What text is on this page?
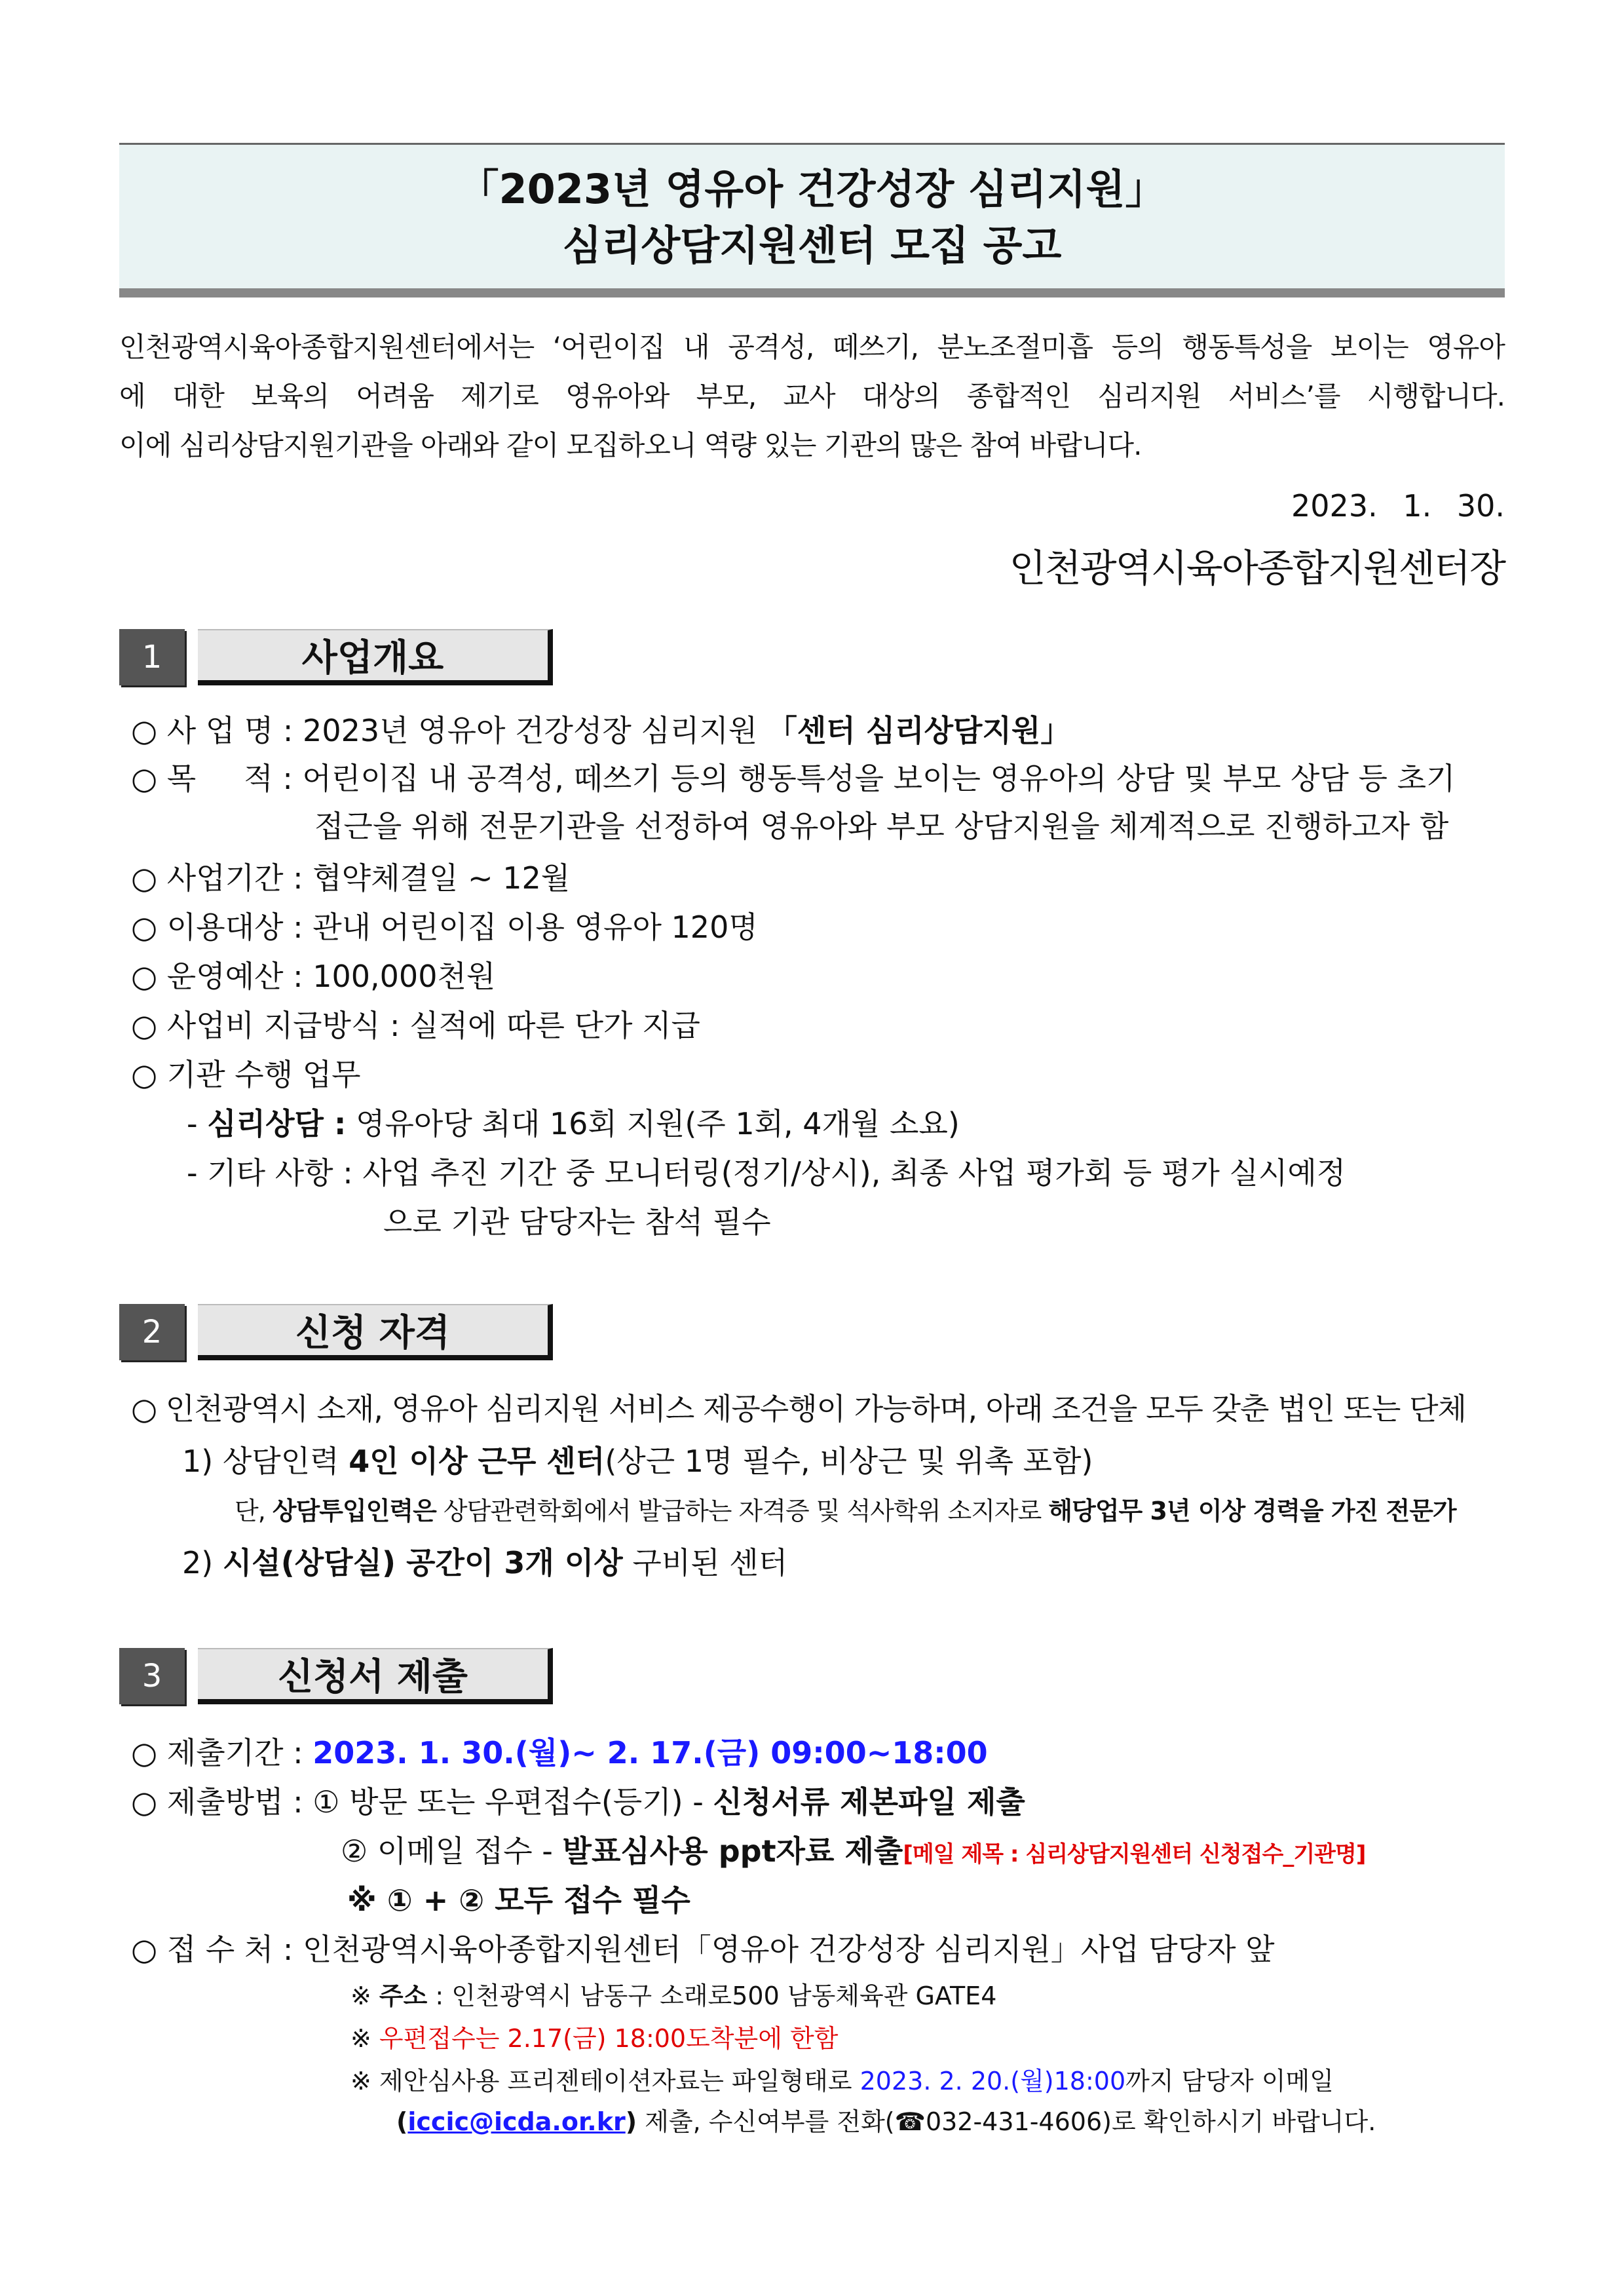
「2023년 영유아 건강성장 심리지원」
심리상담지원센터 모집 공고
인천광역시육아종합지원센터에서는 ‘어린이집 내 공격성, 떼쓰기, 분노조절미흡 등의 행동특성을 보이는 영유아
에 대한 보육의 어려움 제기로 영유아와 부모, 교사 대상의 종합적인 심리지원 서비스’를 시행합니다.
이에 심리상담지원기관을 아래와 같이 모집하오니 역량 있는 기관의 많은 참여 바랍니다.
2023. 1. 30.
인천광역시육아종합지원센터장
1	사업개요
○ 사 업 명 : 2023년 영유아 건강성장 심리지원 「센터 심리상담지원」
○ 목     적 : 어린이집 내 공격성, 떼쓰기 등의 행동특성을 보이는 영유아의 상담 및 부모 상담 등 초기
접근을 위해 전문기관을 선정하여 영유아와 부모 상담지원을 체계적으로 진행하고자 함
○ 사업기간 : 협약체결일 ~ 12월
○ 이용대상 : 관내 어린이집 이용 영유아 120명
○ 운영예산 : 100,000천원
○ 사업비 지급방식 : 실적에 따른 단가 지급
○ 기관 수행 업무
- 심리상담 : 영유아당 최대 16회 지원(주 1회, 4개월 소요)
- 기타 사항 : 사업 추진 기간 중 모니터링(정기/상시), 최종 사업 평가회 등 평가 실시예정
으로 기관 담당자는 참석 필수
2	신청 자격
○ 인천광역시 소재, 영유아 심리지원 서비스 제공수행이 가능하며, 아래 조건을 모두 갖춘 법인 또는 단체
1) 상담인력 4인 이상 근무 센터(상근 1명 필수, 비상근 및 위촉 포함)
단, 상담투입인력은 상담관련학회에서 발급하는 자격증 및 석사학위 소지자로 해당업무 3년 이상 경력을 가진 전문가
2) 시설(상담실) 공간이 3개 이상 구비된 센터
3	신청서 제출
○ 제출기간 : 2023. 1. 30.(월)~ 2. 17.(금) 09:00~18:00
○ 제출방법 : ① 방문 또는 우편접수(등기) - 신청서류 제본파일 제출
② 이메일 접수 - 발표심사용 ppt자료 제출[메일 제목 : 심리상담지원센터 신청접수_기관명]
※ ① + ② 모두 접수 필수
○ 접 수 처 : 인천광역시육아종합지원센터「영유아 건강성장 심리지원」사업 담당자 앞
※ 주소 : 인천광역시 남동구 소래로500 남동체육관 GATE4
※ 우편접수는 2.17(금) 18:00도착분에 한함
※ 제안심사용 프리젠테이션자료는 파일형태로 2023. 2. 20.(월)18:00까지 담당자 이메일
(iccic@icda.or.kr) 제출, 수신여부를 전화(☎032-431-4606)로 확인하시기 바랍니다.
